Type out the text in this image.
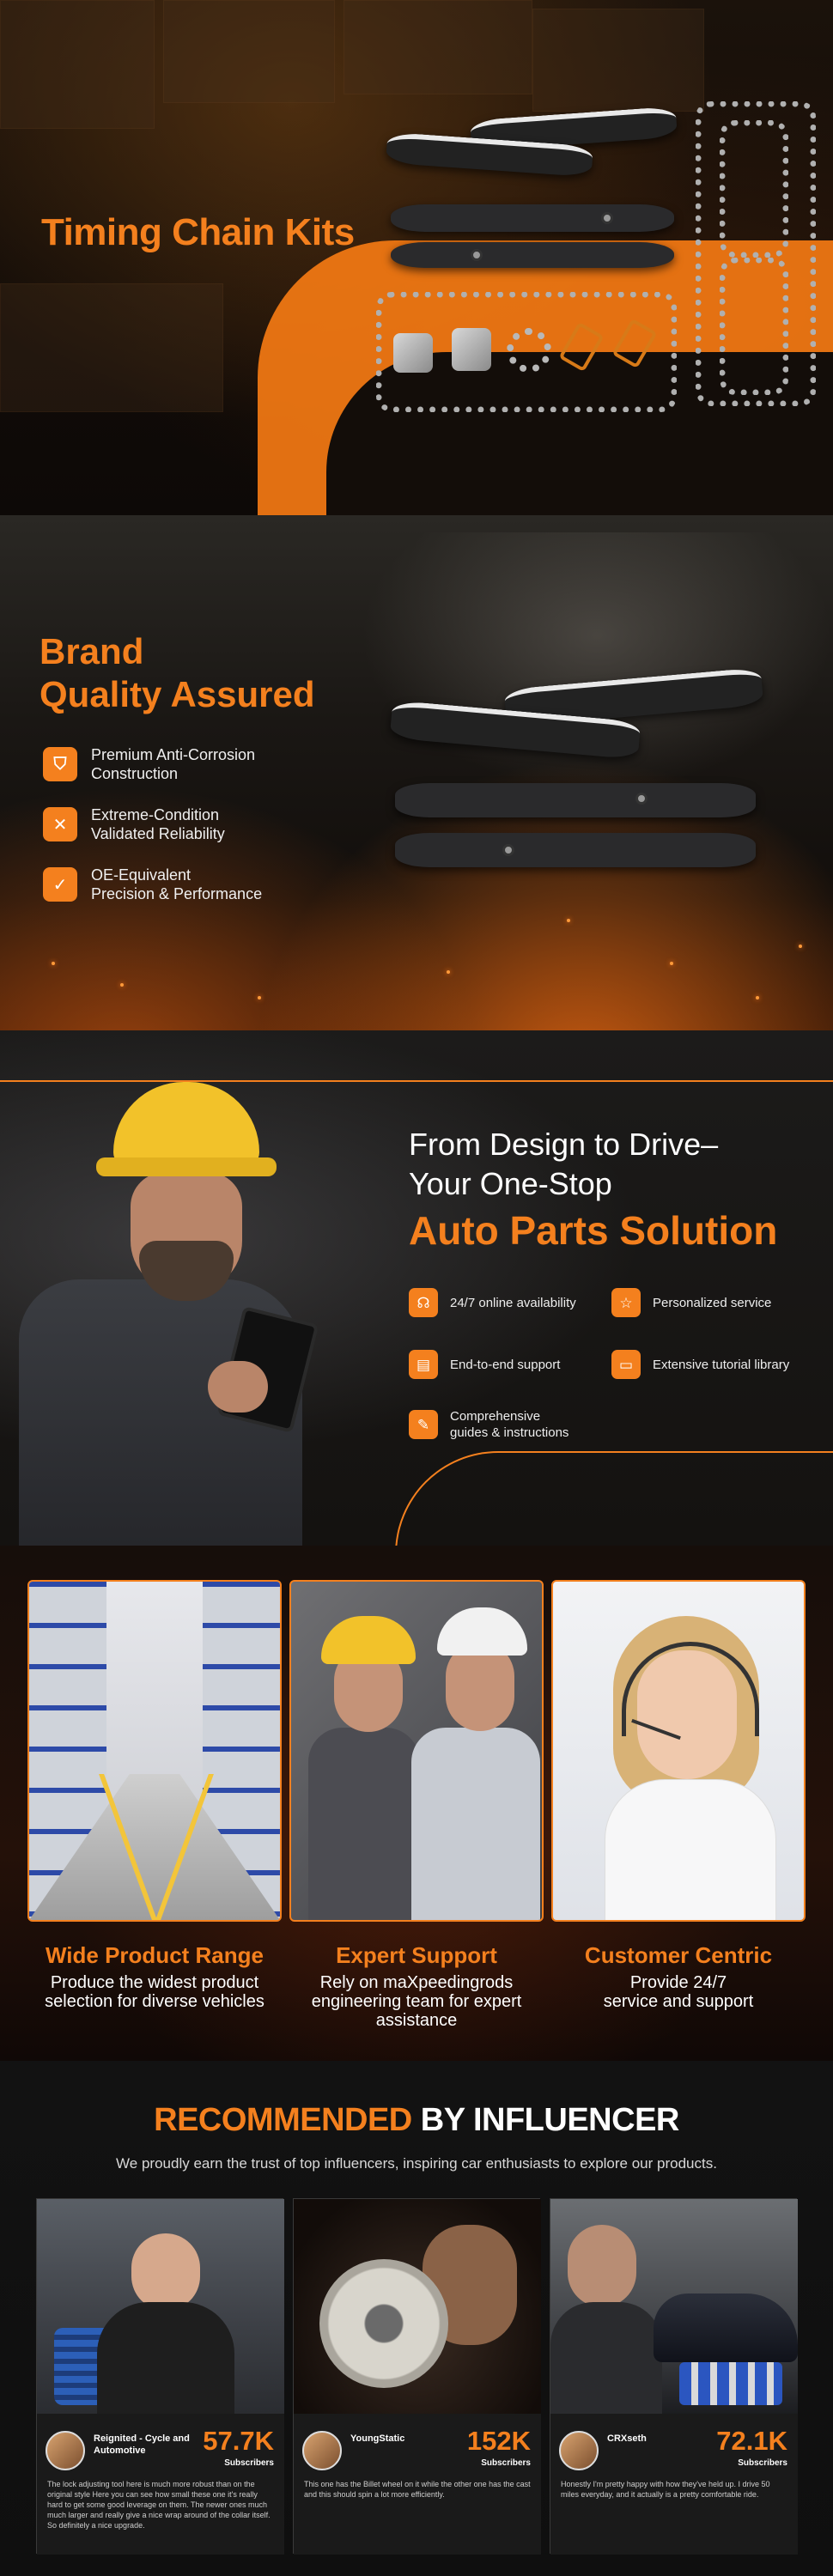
Timing Chain Kits
Brand
Quality Assured
⛉	Premium Anti-Corrosion
Construction
✕
Extreme-Condition
Validated Reliability
✓
OE-Equivalent
Precision & Performance
From Design to Drive–
Your One-Stop
Auto Parts Solution
☊	24/7 online availability	☆	Personalized service
▤	End-to-end support	▭	Extensive tutorial library
✎	Comprehensive
guides & instructions
Wide Product Range
Produce the widest product
selection for diverse vehicles
Expert Support
Rely on maXpeedingrods
engineering team for expert
assistance
Customer Centric
Provide 24/7
service and support
RECOMMENDED BY INFLUENCER
We proudly earn the trust of top influencers, inspiring car enthusiasts to explore our products.
Reignited - Cycle and Automotive	57.7K
Subscribers
The lock adjusting tool here is much more robust than on the original style Here you can see how small these one it's really hard to get some good leverage on them. The newer ones much much larger and really give a nice wrap around of the collar itself. So definitely a nice upgrade.
YoungStatic	152K
Subscribers
This one has the Billet wheel on it while the other one has the cast and this should spin a lot more efficiently.
CRXseth	72.1K
Subscribers
Honestly I'm pretty happy with how they've held up. I drive 50 miles everyday, and it actually is a pretty comfortable ride.
